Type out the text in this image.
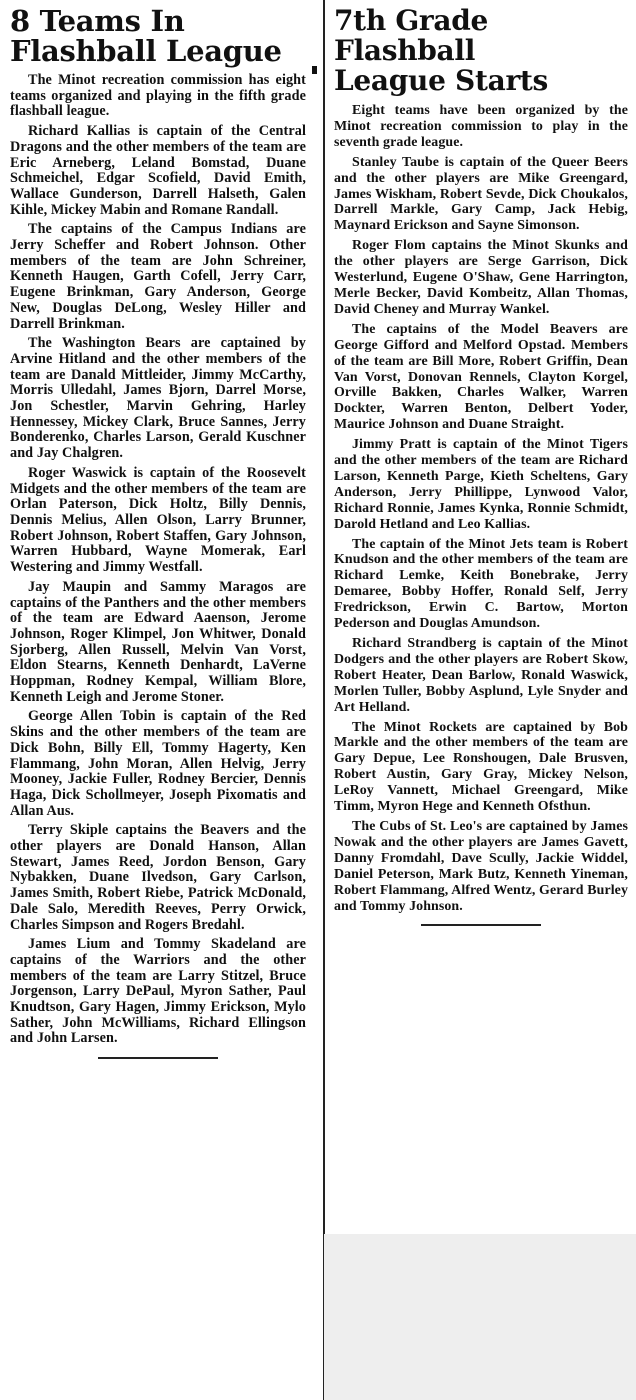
8 Teams In
Flashball League

The Minot recreation commission has eight teams organized and playing in the fifth grade flashball league.

Richard Kallias is captain of the Central Dragons and the other members of the team are Eric Arneberg, Leland Bomstad, Duane Schmeichel, Edgar Scofield, David Emith, Wallace Gunderson, Darrell Halseth, Galen Kihle, Mickey Mabin and Romane Randall.

The captains of the Campus Indians are Jerry Scheffer and Robert Johnson. Other members of the team are John Schreiner, Kenneth Haugen, Garth Cofell, Jerry Carr, Eugene Brinkman, Gary Anderson, George New, Douglas DeLong, Wesley Hiller and Darrell Brinkman.

The Washington Bears are captained by Arvine Hitland and the other members of the team are Danald Mittleider, Jimmy McCarthy, Morris Ulledahl, James Bjorn, Darrel Morse, Jon Schestler, Marvin Gehring, Harley Hennessey, Mickey Clark, Bruce Sannes, Jerry Bonderenko, Charles Larson, Gerald Kuschner and Jay Chalgren.

Roger Waswick is captain of the Roosevelt Midgets and the other members of the team are Orlan Paterson, Dick Holtz, Billy Dennis, Dennis Melius, Allen Olson, Larry Brunner, Robert Johnson, Robert Staffen, Gary Johnson, Warren Hubbard, Wayne Momerak, Earl Westering and Jimmy Westfall.

Jay Maupin and Sammy Maragos are captains of the Panthers and the other members of the team are Edward Aaenson, Jerome Johnson, Roger Klimpel, Jon Whitwer, Donald Sjorberg, Allen Russell, Melvin Van Vorst, Eldon Stearns, Kenneth Denhardt, LaVerne Hoppman, Rodney Kempal, William Blore, Kenneth Leigh and Jerome Stoner.

George Allen Tobin is captain of the Red Skins and the other members of the team are Dick Bohn, Billy Ell, Tommy Hagerty, Ken Flammang, John Moran, Allen Helvig, Jerry Mooney, Jackie Fuller, Rodney Bercier, Dennis Haga, Dick Schollmeyer, Joseph Pixomatis and Allan Aus.

Terry Skiple captains the Beavers and the other players are Donald Hanson, Allan Stewart, James Reed, Jordon Benson, Gary Nybakken, Duane Ilvedson, Gary Carlson, James Smith, Robert Riebe, Patrick McDonald, Dale Salo, Meredith Reeves, Perry Orwick, Charles Simpson and Rogers Bredahl.

James Lium and Tommy Skadeland are captains of the Warriors and the other members of the team are Larry Stitzel, Bruce Jorgenson, Larry DePaul, Myron Sather, Paul Knudtson, Gary Hagen, Jimmy Erickson, Mylo Sather, John McWilliams, Richard Ellingson and John Larsen.

7th Grade
Flashball
League Starts

Eight teams have been organized by the Minot recreation commission to play in the seventh grade league.

Stanley Taube is captain of the Queer Beers and the other players are Mike Greengard, James Wiskham, Robert Sevde, Dick Choukalos, Darrell Markle, Gary Camp, Jack Hebig, Maynard Erickson and Sayne Simonson.

Roger Flom captains the Minot Skunks and the other players are Serge Garrison, Dick Westerlund, Eugene O'Shaw, Gene Harrington, Merle Becker, David Kombeitz, Allan Thomas, David Cheney and Murray Wankel.

The captains of the Model Beavers are George Gifford and Melford Opstad. Members of the team are Bill More, Robert Griffin, Dean Van Vorst, Donovan Rennels, Clayton Korgel, Orville Bakken, Charles Walker, Warren Dockter, Warren Benton, Delbert Yoder, Maurice Johnson and Duane Straight.

Jimmy Pratt is captain of the Minot Tigers and the other members of the team are Richard Larson, Kenneth Parge, Kieth Scheltens, Gary Anderson, Jerry Phillippe, Lynwood Valor, Richard Ronnie, James Kynka, Ronnie Schmidt, Darold Hetland and Leo Kallias.

The captain of the Minot Jets team is Robert Knudson and the other members of the team are Richard Lemke, Keith Bonebrake, Jerry Demaree, Bobby Hoffer, Ronald Self, Jerry Fredrickson, Erwin C. Bartow, Morton Pederson and Douglas Amundson.

Richard Strandberg is captain of the Minot Dodgers and the other players are Robert Skow, Robert Heater, Dean Barlow, Ronald Waswick, Morlen Tuller, Bobby Asplund, Lyle Snyder and Art Helland.

The Minot Rockets are captained by Bob Markle and the other members of the team are Gary Depue, Lee Ronshougen, Dale Brusven, Robert Austin, Gary Gray, Mickey Nelson, LeRoy Vannett, Michael Greengard, Mike Timm, Myron Hege and Kenneth Ofsthun.

The Cubs of St. Leo's are captained by James Nowak and the other players are James Gavett, Danny Fromdahl, Dave Scully, Jackie Widdel, Daniel Peterson, Mark Butz, Kenneth Yineman, Robert Flammang, Alfred Wentz, Gerard Burley and Tommy Johnson.
